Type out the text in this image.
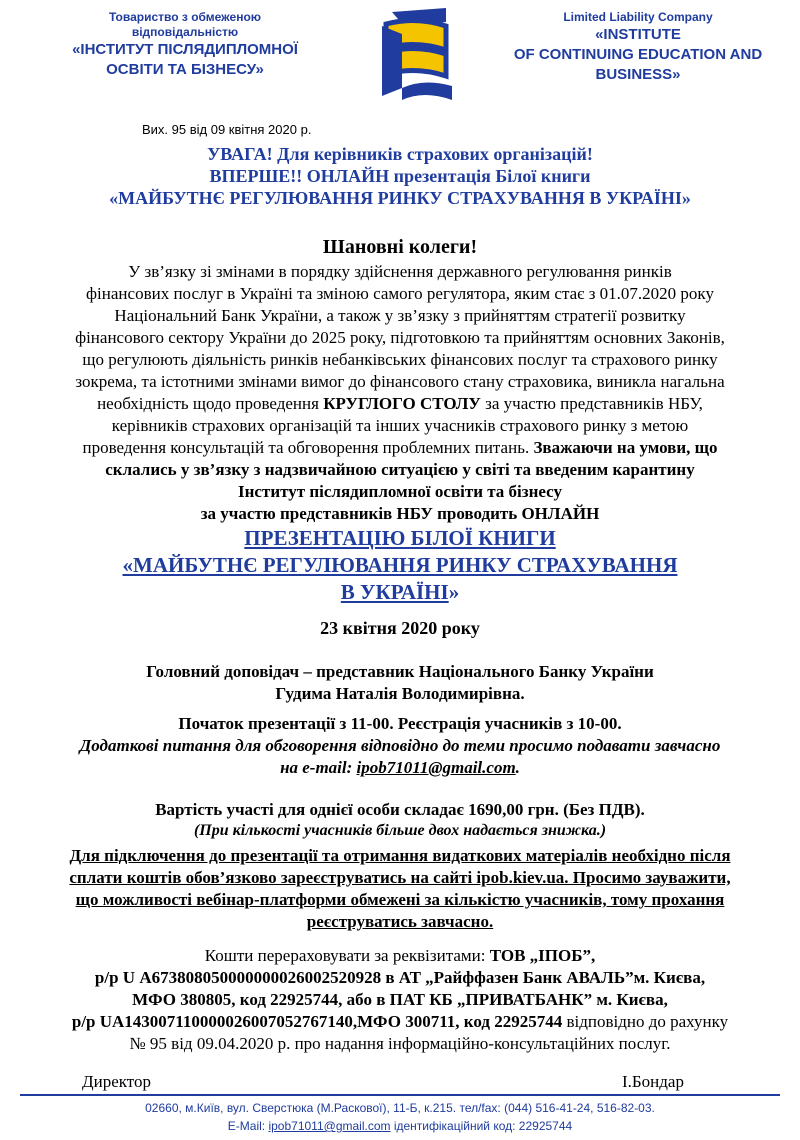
Товариство з обмеженою
відповідальністю
«ІНСТИТУТ ПІСЛЯДИПЛОМНОЇ
ОСВІТИ ТА БІЗНЕСУ»
Limited Liability Company
«INSTITUTE
OF CONTINUING EDUCATION AND
BUSINESS»
Вих. 95 від 09 квітня 2020 р.
УВАГА! Для керівників страхових організацій!
ВПЕРШЕ!! ОНЛАЙН презентація Білої книги
«МАЙБУТНЄ РЕГУЛЮВАННЯ РИНКУ СТРАХУВАННЯ В УКРАЇНІ»
Шановні колеги!
У зв’язку зі змінами в порядку здійснення державного регулювання ринків
фінансових послуг в Україні та зміною самого регулятора, яким стає з 01.07.2020 року
Національний Банк України, а також у зв’язку з прийняттям стратегії розвитку
фінансового сектору України до 2025 року, підготовкою та прийняттям основних Законів,
що регулюють діяльність ринків небанківських фінансових послуг та страхового ринку
зокрема, та істотними змінами вимог до фінансового стану страховика, виникла нагальна
необхідність щодо проведення КРУГЛОГО СТОЛУ за участю представників НБУ,
керівників страхових організацій та інших учасників страхового ринку з метою
проведення консультацій та обговорення проблемних питань. Зважаючи на умови, що
склались у зв’язку з надзвичайною ситуацією у світі та введеним карантину
Інститут післядипломної освіти та бізнесу
за участю представників НБУ проводить ОНЛАЙН
ПРЕЗЕНТАЦІЮ БІЛОЇ КНИГИ
«МАЙБУТНЄ РЕГУЛЮВАННЯ РИНКУ СТРАХУВАННЯ
В УКРАЇНІ»
23 квітня 2020 року
Головний доповідач – представник Національного Банку України
Гудима Наталія Володимирівна.
Початок презентації з 11-00. Реєстрація учасників з 10-00.
Додаткові питання для обговорення відповідно до теми просимо подавати завчасно
на e-mail: ipob71011@gmail.com.
Вартість участі для однієї особи складає 1690,00 грн. (Без ПДВ).
(При кількості учасників більше двох надається знижка.)
Для підключення до презентації та отримання видаткових матеріалів необхідно після
сплати коштів обов’язково зареєструватись на сайті ipob.kiev.ua. Просимо зауважити,
що можливості вебінар-платформи обмежені за кількістю учасників, тому прохання
реєструватись завчасно.
Кошти перераховувати за реквізитами: ТОВ „ІПОБ”,
р/р U А673808050000000026002520928 в АТ „Райффазен Банк АВАЛЬ”м. Києва,
МФО 380805, код 22925744, або в ПАТ КБ „ПРИВАТБАНК” м. Києва,
р/р UA143007110000026007052767140,МФО 300711, код 22925744 відповідно до рахунку
№ 95 від 09.04.2020 р. про надання інформаційно-консультаційних послуг.
Директор	І.Бондар
02660, м.Київ, вул. Сверстюка (М.Раскової), 11-Б, к.215. тел/fax: (044) 516-41-24, 516-82-03.
E-Mail: ipob71011@gmail.com ідентифікаційний код: 22925744
